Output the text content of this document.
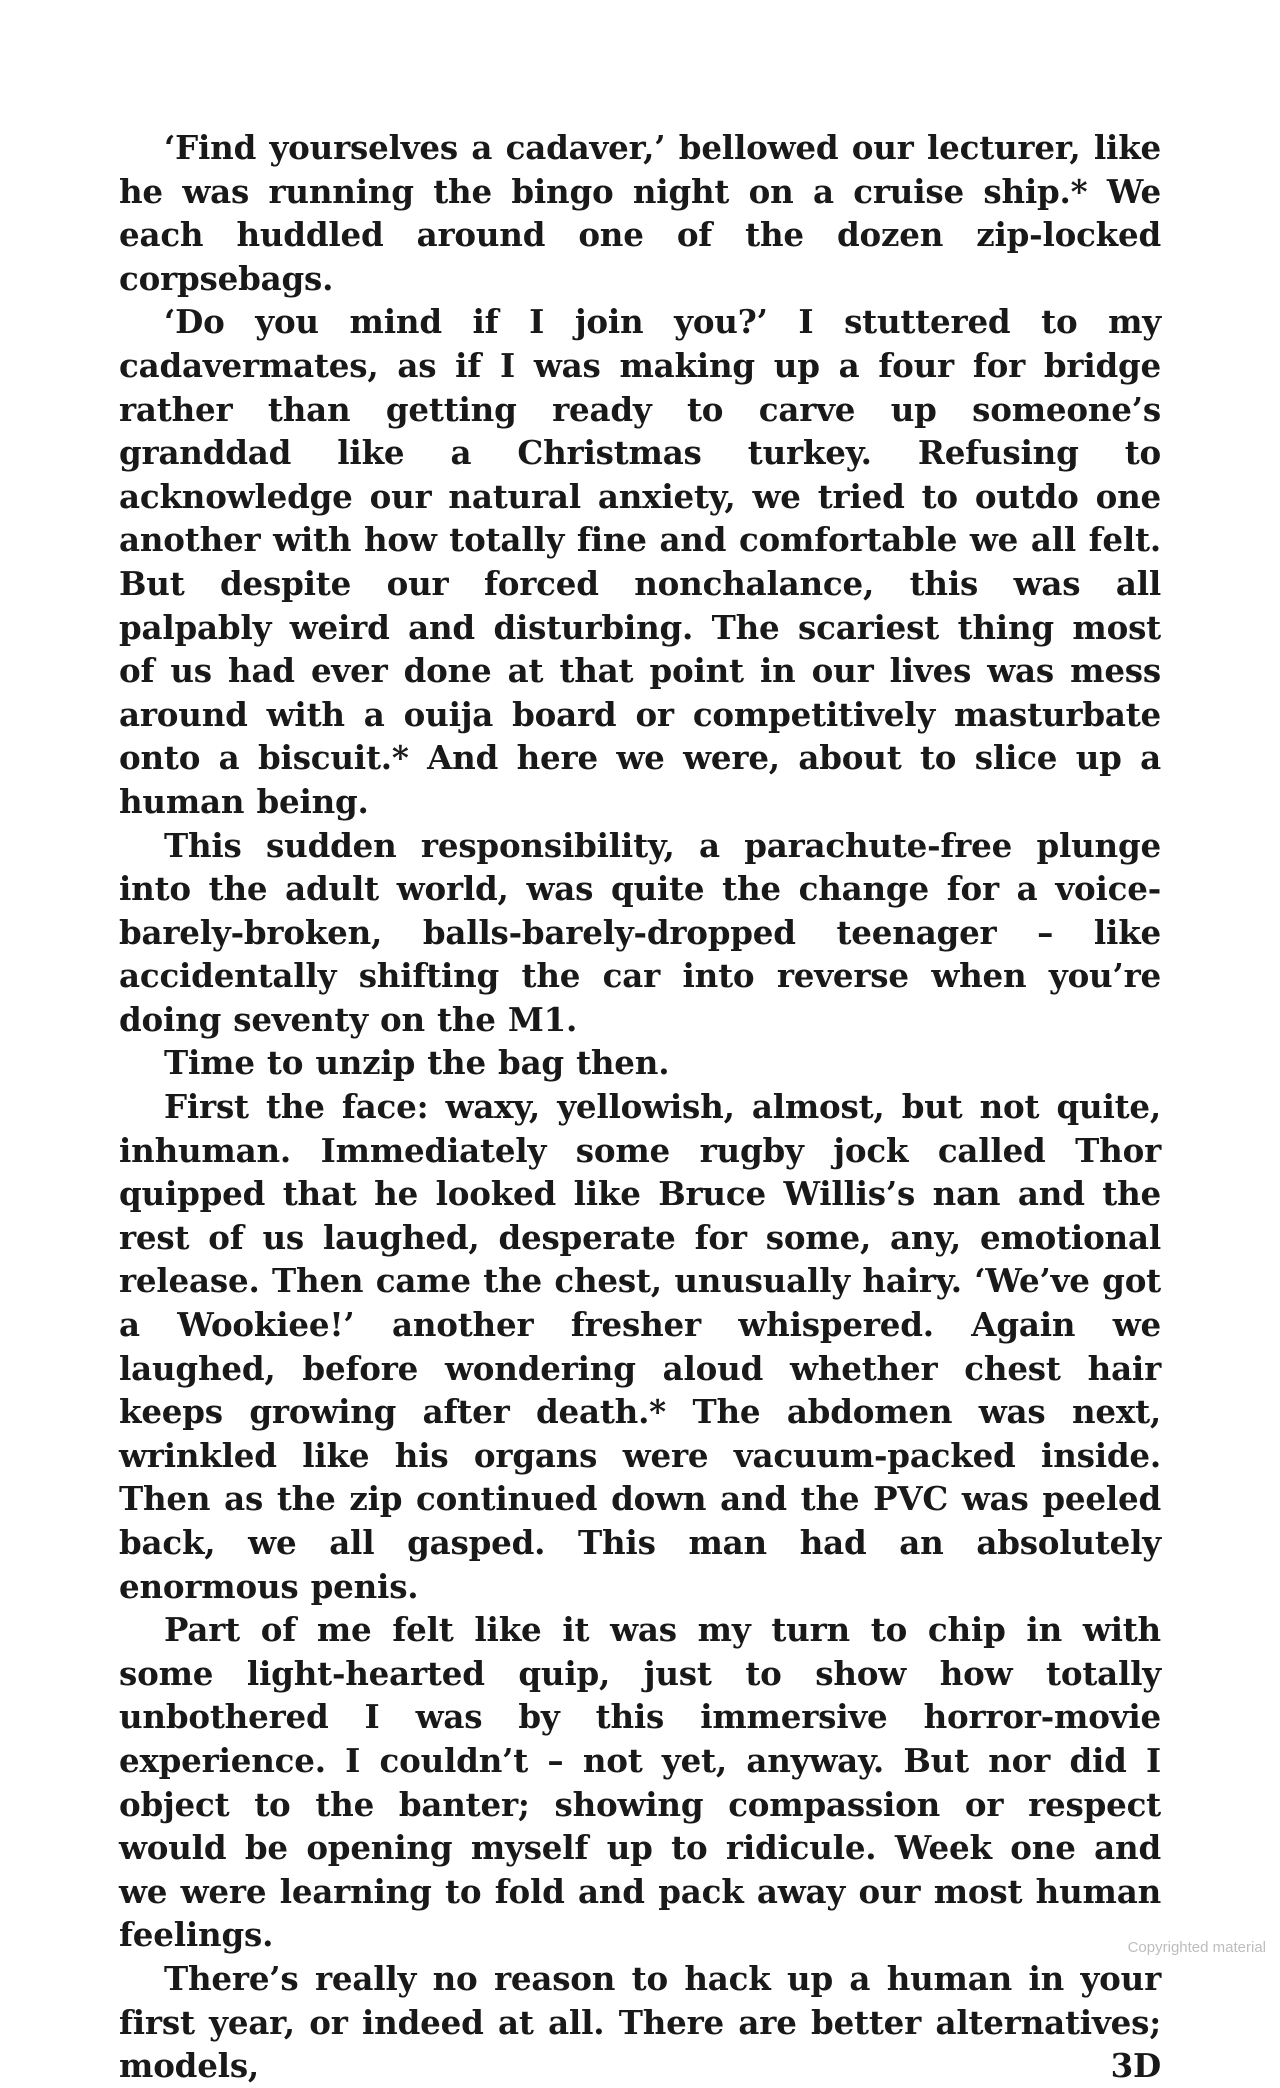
‘Find yourselves a cadaver,’ bellowed our lecturer, like he was running the bingo night on a cruise ship.* We each huddled around one of the dozen zip-locked corpsebags.

‘Do you mind if I join you?’ I stuttered to my cadavermates, as if I was making up a four for bridge rather than getting ready to carve up someone’s granddad like a Christmas turkey. Refusing to acknowledge our natural anxiety, we tried to outdo one another with how totally fine and comfortable we all felt. But despite our forced nonchalance, this was all palpably weird and disturbing. The scariest thing most of us had ever done at that point in our lives was mess around with a ouija board or competitively masturbate onto a biscuit.* And here we were, about to slice up a human being.

This sudden responsibility, a parachute-free plunge into the adult world, was quite the change for a voice-barely-broken, balls-barely-dropped teenager – like accidentally shifting the car into reverse when you’re doing seventy on the M1.

Time to unzip the bag then.

First the face: waxy, yellowish, almost, but not quite, inhuman. Immediately some rugby jock called Thor quipped that he looked like Bruce Willis’s nan and the rest of us laughed, desperate for some, any, emotional release. Then came the chest, unusually hairy. ‘We’ve got a Wookiee!’ another fresher whispered. Again we laughed, before wondering aloud whether chest hair keeps growing after death.* The abdomen was next, wrinkled like his organs were vacuum-packed inside. Then as the zip continued down and the PVC was peeled back, we all gasped. This man had an absolutely enormous penis.

Part of me felt like it was my turn to chip in with some light-hearted quip, just to show how totally unbothered I was by this immersive horror-movie experience. I couldn’t – not yet, anyway. But nor did I object to the banter; showing compassion or respect would be opening myself up to ridicule. Week one and we were learning to fold and pack away our most human feelings.

There’s really no reason to hack up a human in your first year, or indeed at all. There are better alternatives; models, 3D

Copyrighted material
